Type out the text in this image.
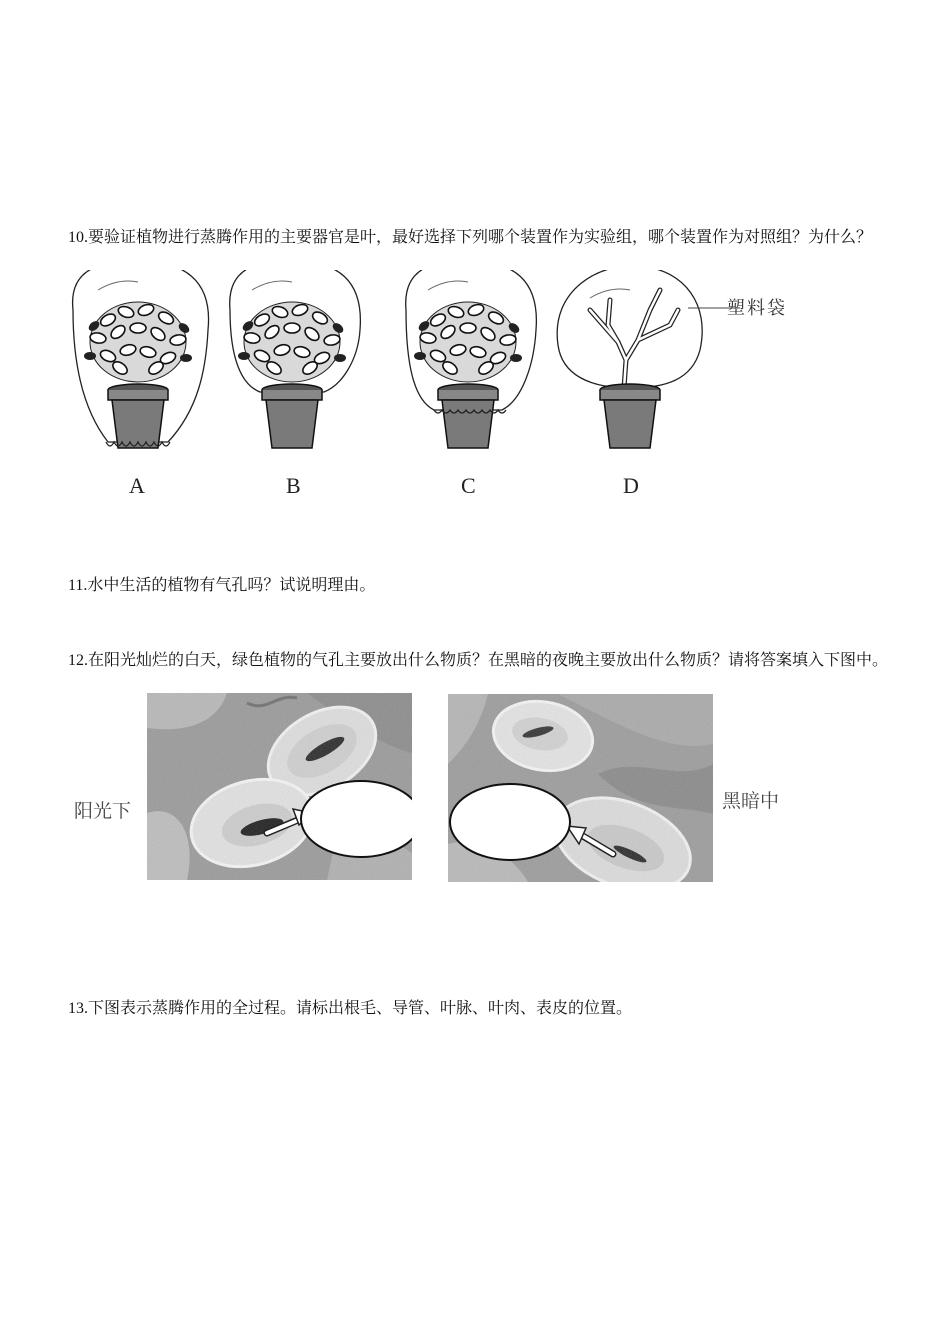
10.要验证植物进行蒸腾作用的主要器官是叶，最好选择下列哪个装置作为实验组，哪个装置作为对照组？为什么？
塑料袋
A	B	C	D
11.水中生活的植物有气孔吗？试说明理由。
12.在阳光灿烂的白天，绿色植物的气孔主要放出什么物质？在黑暗的夜晚主要放出什么物质？请将答案填入下图中。
阳光下	黑暗中
13.下图表示蒸腾作用的全过程。请标出根毛、导管、叶脉、叶肉、表皮的位置。
